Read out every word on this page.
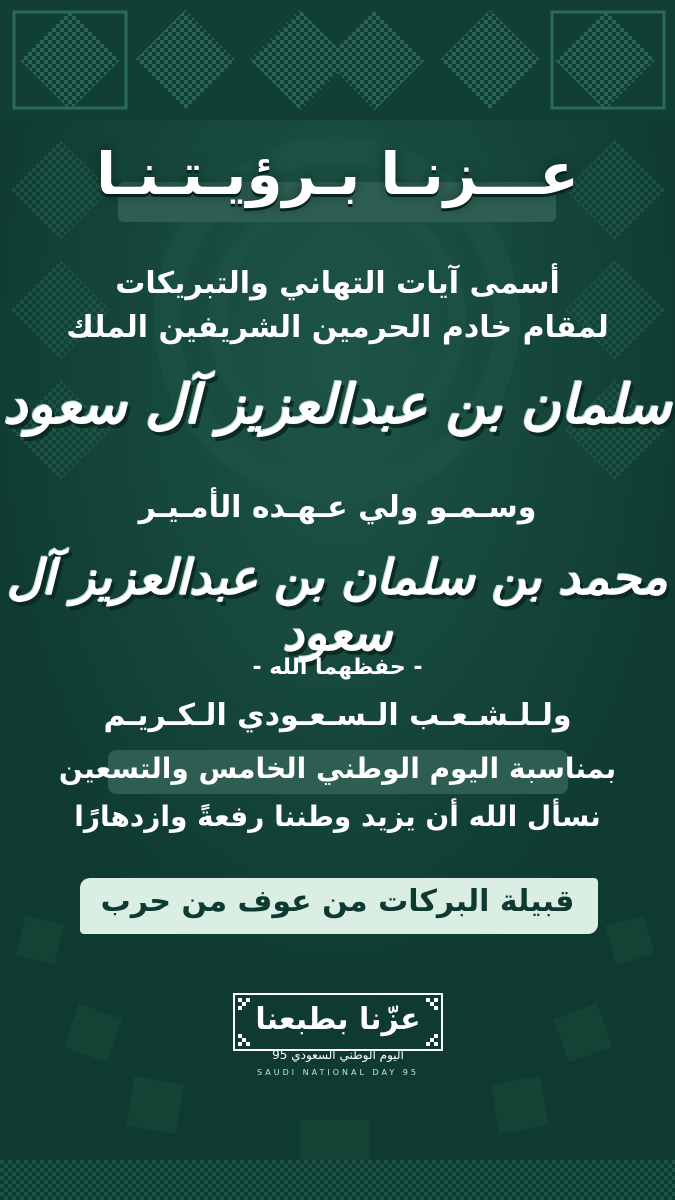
عـــزنـا بـرؤيـتـنـا
أسمى آيات التهاني والتبريكات
لمقام خادم الحرمين الشريفين الملك
سلمان بن عبدالعزيز آل سعود
وسـمـو ولي عـهـده الأمـيـر
محمد بن سلمان بن عبدالعزيز آل سعود
- حفظهما الله -
ولـلـشـعـب الـسـعـودي الـكـريـم
بمناسبة اليوم الوطني الخامس والتسعين
نسأل الله أن يزيد وطننا رفعةً وازدهارًا
قبيلة البركات من عوف من حرب
عزّنا بطبعنا
اليوم الوطني السعودي 95
SAUDI NATIONAL DAY 95
